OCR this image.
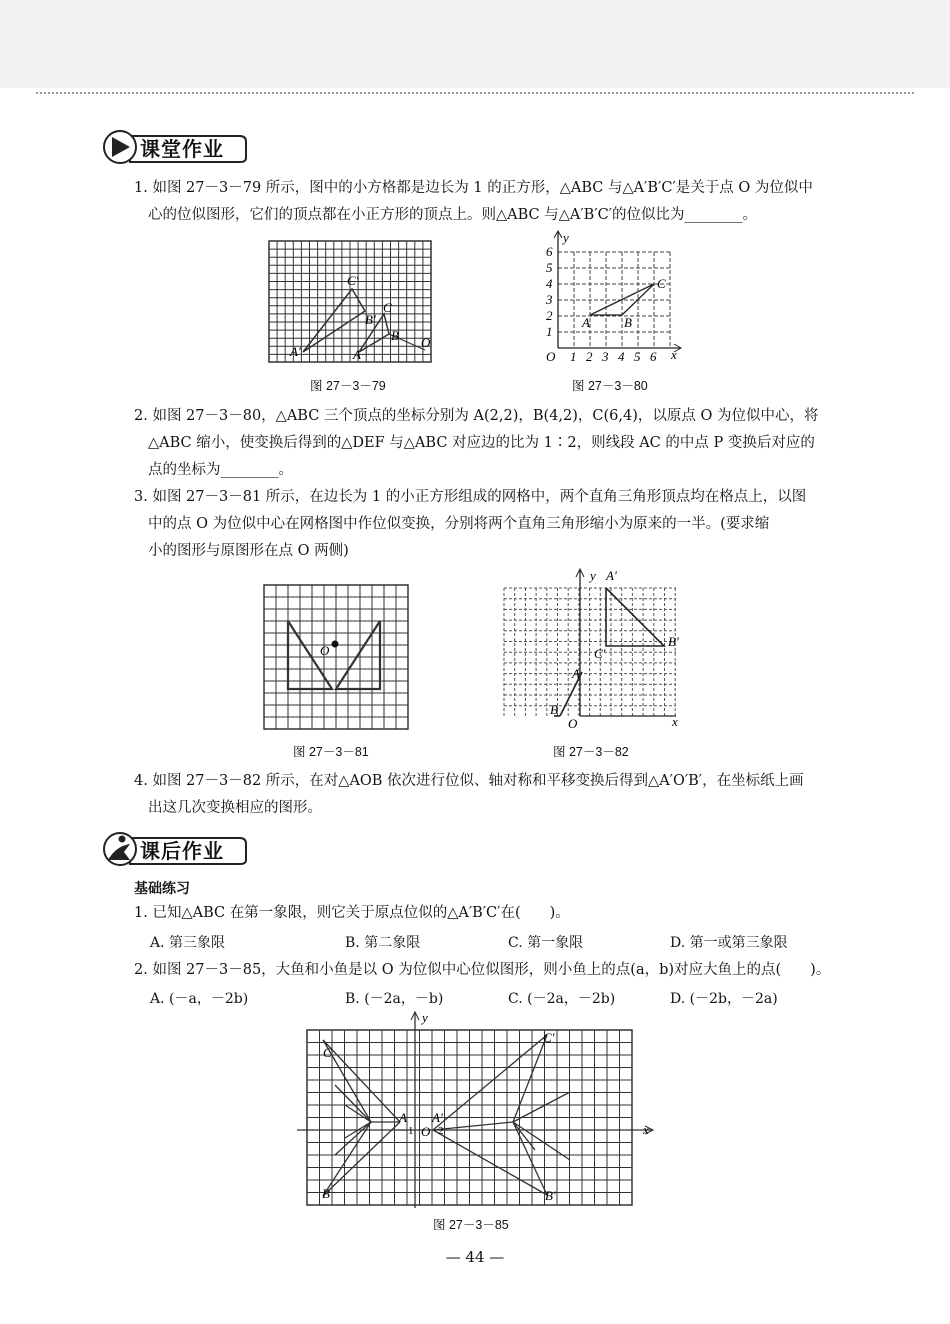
课堂作业
1. 如图 27－3－79 所示，图中的小方格都是边长为 1 的正方形，△ABC 与△A′B′C′是关于点 O 为位似中
心的位似图形，它们的顶点都在小正方形的顶点上。则△ABC 与△A′B′C′的位似比为________。
C′
C
B′
B
A′	A
O
图 27－3－79
y
x
O
A	B
C
1 2 3 4 5 6
1
2
3
4
5
6
图 27－3－80
2. 如图 27－3－80，△ABC 三个顶点的坐标分别为 A(2,2)，B(4,2)，C(6,4)，以原点 O 为位似中心，将
△ABC 缩小，使变换后得到的△DEF 与△ABC 对应边的比为 1∶2，则线段 AC 的中点 P 变换后对应的
点的坐标为________。
3. 如图 27－3－81 所示，在边长为 1 的小正方形组成的网格中，两个直角三角形顶点均在格点上，以图
中的点 O 为位似中心在网格图中作位似变换，分别将两个直角三角形缩小为原来的一半。(要求缩
小的图形与原图形在点 O 两侧)
O
图 27－3－81
y A′
B′
C′
A
B
O	x
图 27－3－82
4. 如图 27－3－82 所示，在对△AOB 依次进行位似、轴对称和平移变换后得到△A′O′B′，在坐标纸上画
出这几次变换相应的图形。
课后作业
基础练习
1. 已知△ABC 在第一象限，则它关于原点位似的△A′B′C′在(　　)。
A. 第三象限	B. 第二象限	C. 第一象限	D. 第一或第三象限
2. 如图 27－3－85，大鱼和小鱼是以 O 为位似中心位似图形，则小鱼上的点(a，b)对应大鱼上的点(　　)。
A. (－a，－2b)	B. (－2a，－b)	C. (－2a，－2b)	D. (－2b，－2a)
y
x
C
B
A
－1 O
A′
2
C′
B′
图 27－3－85
— 44 —
